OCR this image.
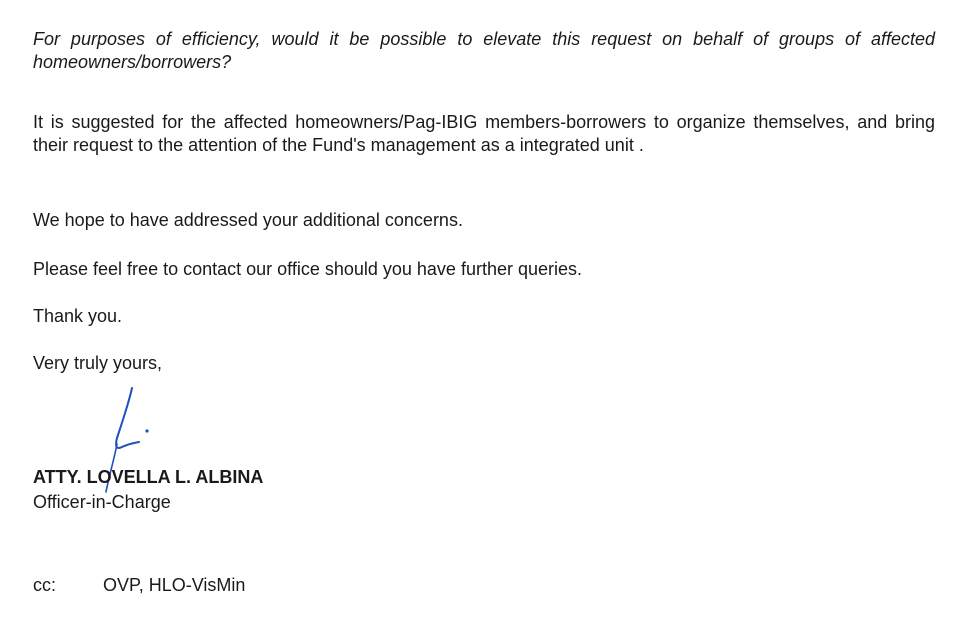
For purposes of efficiency, would it be possible to elevate this request on behalf of groups of affected homeowners/borrowers?

It is suggested for the affected homeowners/Pag-IBIG members-borrowers to organize themselves, and bring their request to the attention of the Fund's management as a integrated unit .

We hope to have addressed your additional concerns.

Please feel free to contact our office should you have further queries.

Thank you.

Very truly yours,

ATTY. LOVELLA L. ALBINA

Officer-in-Charge

cc:	OVP, HLO-VisMin
